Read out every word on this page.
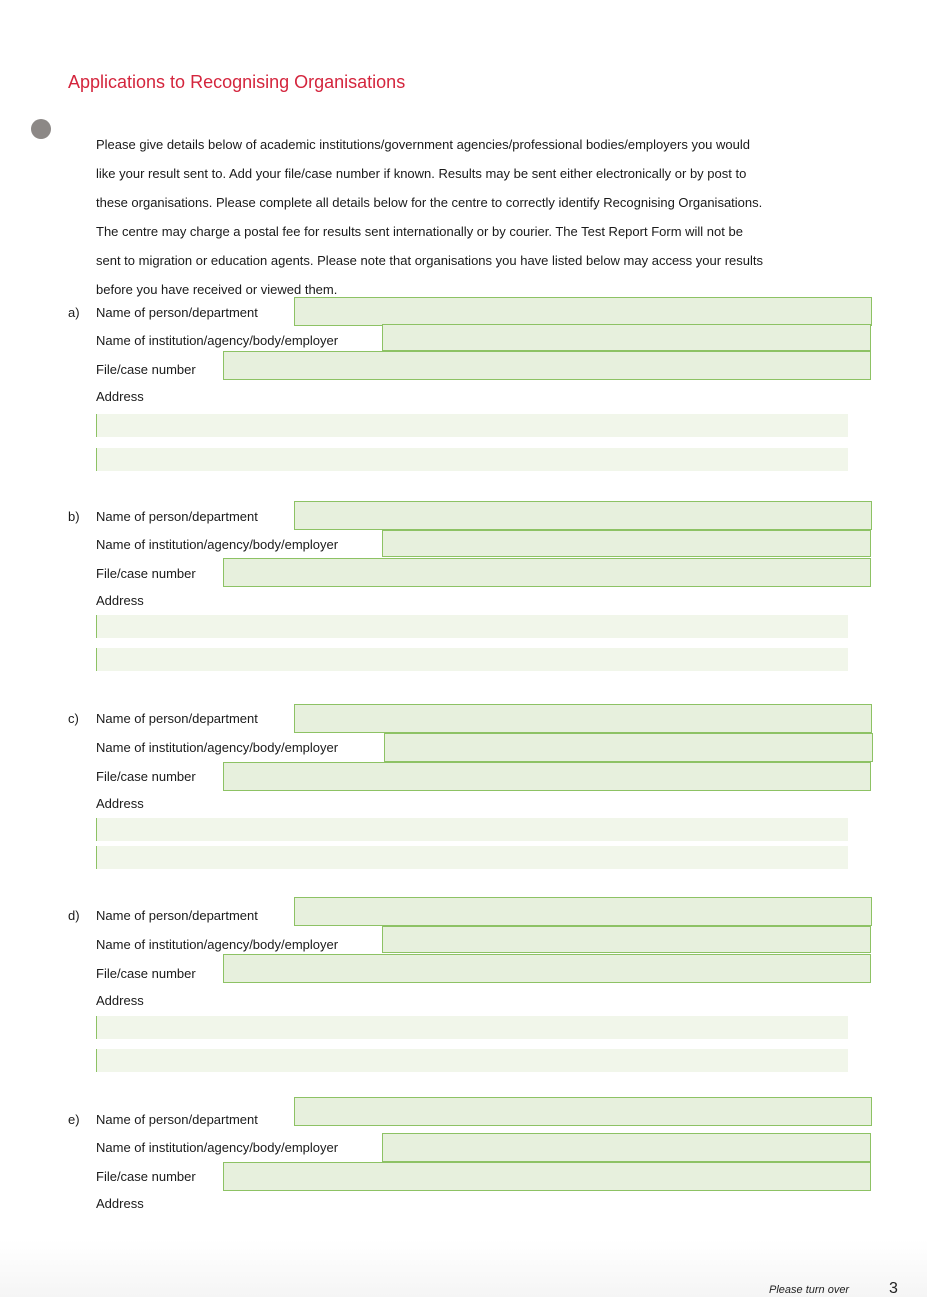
Applications to Recognising Organisations
Please give details below of academic institutions/government agencies/professional bodies/employers you would
like your result sent to. Add your file/case number if known. Results may be sent either electronically or by post to
these organisations. Please complete all details below for the centre to correctly identify Recognising Organisations.
The centre may charge a postal fee for results sent internationally or by courier. The Test Report Form will not be
sent to migration or education agents. Please note that organisations you have listed below may access your results
before you have received or viewed them.
a) Name of person/department
Name of institution/agency/body/employer
File/case number
Address
b) Name of person/department
Name of institution/agency/body/employer
File/case number
Address
c) Name of person/department
Name of institution/agency/body/employer
File/case number
Address
d) Name of person/department
Name of institution/agency/body/employer
File/case number
Address
e) Name of person/department
Name of institution/agency/body/employer
File/case number
Address
Please turn over 3
